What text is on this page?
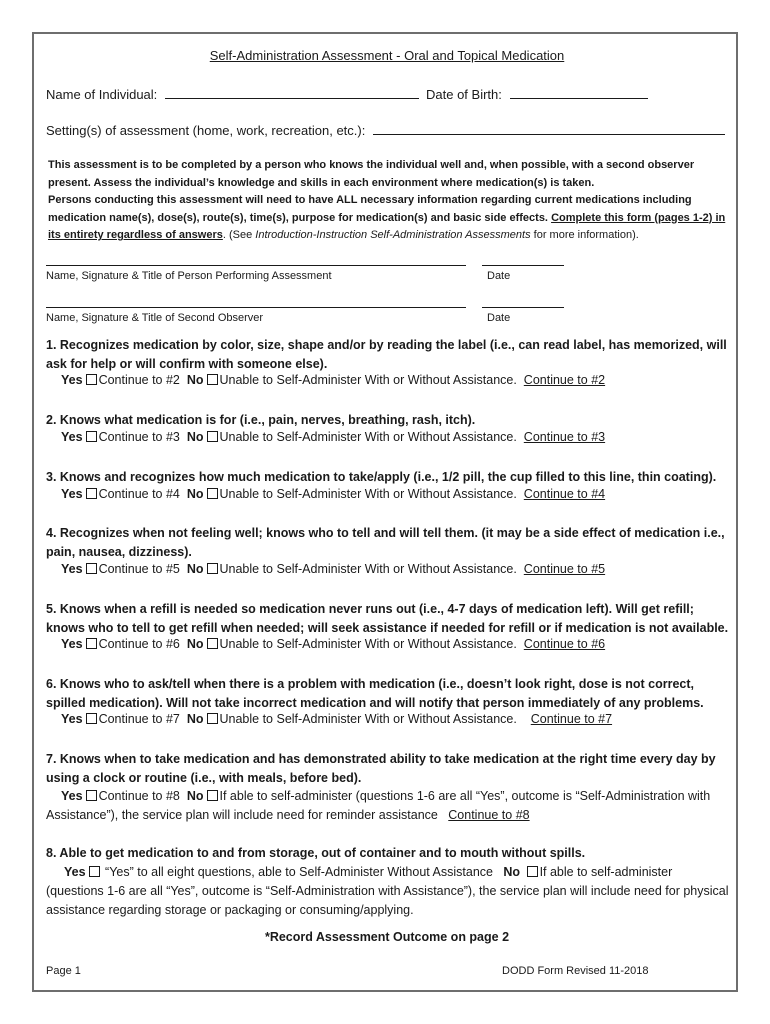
Self-Administration Assessment - Oral and Topical Medication
Name of Individual:	Date of Birth:
Setting(s) of assessment (home, work, recreation, etc.):
This assessment is to be completed by a person who knows the individual well and, when possible, with a second observer present. Assess the individual’s knowledge and skills in each environment where medication(s) is taken.
Persons conducting this assessment will need to have ALL necessary information regarding current medications including medication name(s), dose(s), route(s), time(s), purpose for medication(s) and basic side effects. Complete this form (pages 1-2) in its entirety regardless of answers. (See Introduction-Instruction Self-Administration Assessments for more information).
Name, Signature & Title of Person Performing Assessment	Date
Name, Signature & Title of Second Observer	Date
1. Recognizes medication by color, size, shape and/or by reading the label (i.e., can read label, has memorized, will ask for help or will confirm with someone else).
Yes Continue to #2 No Unable to Self-Administer With or Without Assistance. Continue to #2
2. Knows what medication is for (i.e., pain, nerves, breathing, rash, itch).
Yes Continue to #3 No Unable to Self-Administer With or Without Assistance. Continue to #3
3. Knows and recognizes how much medication to take/apply (i.e., 1/2 pill, the cup filled to this line, thin coating).
Yes Continue to #4 No Unable to Self-Administer With or Without Assistance. Continue to #4
4. Recognizes when not feeling well; knows who to tell and will tell them. (it may be a side effect of medication i.e., pain, nausea, dizziness).
Yes Continue to #5 No Unable to Self-Administer With or Without Assistance. Continue to #5
5. Knows when a refill is needed so medication never runs out (i.e., 4-7 days of medication left). Will get refill; knows who to tell to get refill when needed; will seek assistance if needed for refill or if medication is not available.
Yes Continue to #6 No Unable to Self-Administer With or Without Assistance. Continue to #6
6. Knows who to ask/tell when there is a problem with medication (i.e., doesn’t look right, dose is not correct, spilled medication). Will not take incorrect medication and will notify that person immediately of any problems.
Yes Continue to #7 No Unable to Self-Administer With or Without Assistance. Continue to #7
7. Knows when to take medication and has demonstrated ability to take medication at the right time every day by using a clock or routine (i.e., with meals, before bed).
Yes Continue to #8 No If able to self-administer (questions 1-6 are all “Yes”, outcome is “Self-Administration with Assistance”), the service plan will include need for reminder assistance Continue to #8
8. Able to get medication to and from storage, out of container and to mouth without spills.
Yes “Yes” to all eight questions, able to Self-Administer Without Assistance No If able to self-administer (questions 1-6 are all “Yes”, outcome is “Self-Administration with Assistance”), the service plan will include need for physical assistance regarding storage or packaging or consuming/applying.
*Record Assessment Outcome on page 2
Page 1	DODD Form Revised 11-2018
